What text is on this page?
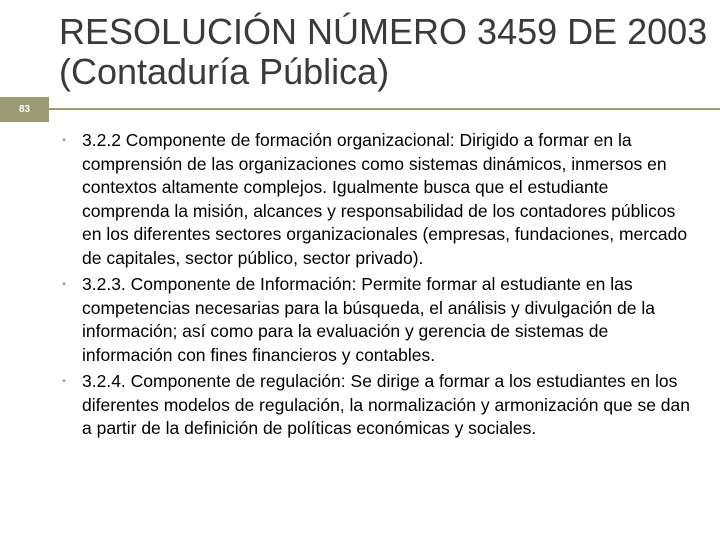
83
RESOLUCIÓN NÚMERO 3459 DE 2003 (Contaduría Pública)
▪ 3.2.2 Componente de formación organizacional: Dirigido a formar en la comprensión de las organizaciones como sistemas dinámicos, inmersos en contextos altamente complejos. Igualmente busca que el estudiante comprenda la misión, alcances y responsabilidad de los contadores públicos en los diferentes sectores organizacionales (empresas, fundaciones, mercado de capitales, sector público, sector privado).
▪ 3.2.3. Componente de Información: Permite formar al estudiante en las competencias necesarias para la búsqueda, el análisis y divulgación de la información; así como para la evaluación y gerencia de sistemas de información con fines financieros y contables.
▪ 3.2.4. Componente de regulación: Se dirige a formar a los estudiantes en los diferentes modelos de regulación, la normalización y armonización que se dan a partir de la definición de políticas económicas y sociales.
